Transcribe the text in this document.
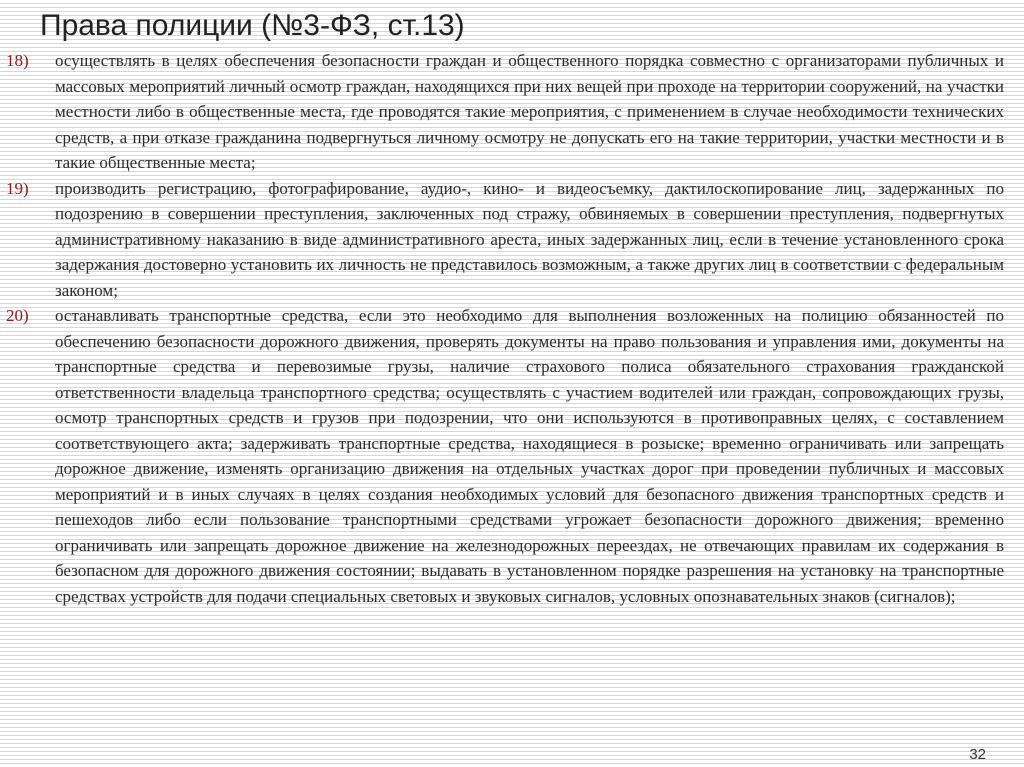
Права полиции (№3-ФЗ, ст.13)
18) осуществлять в целях обеспечения безопасности граждан и общественного порядка совместно с организаторами публичных и массовых мероприятий личный осмотр граждан, находящихся при них вещей при проходе на территории сооружений, на участки местности либо в общественные места, где проводятся такие мероприятия, с применением в случае необходимости технических средств, а при отказе гражданина подвергнуться личному осмотру не допускать его на такие территории, участки местности и в такие общественные места;
19) производить регистрацию, фотографирование, аудио-, кино- и видеосъемку, дактилоскопирование лиц, задержанных по подозрению в совершении преступления, заключенных под стражу, обвиняемых в совершении преступления, подвергнутых административному наказанию в виде административного ареста, иных задержанных лиц, если в течение установленного срока задержания достоверно установить их личность не представилось возможным, а также других лиц в соответствии с федеральным законом;
20) останавливать транспортные средства, если это необходимо для выполнения возложенных на полицию обязанностей по обеспечению безопасности дорожного движения, проверять документы на право пользования и управления ими, документы на транспортные средства и перевозимые грузы, наличие страхового полиса обязательного страхования гражданской ответственности владельца транспортного средства; осуществлять с участием водителей или граждан, сопровождающих грузы, осмотр транспортных средств и грузов при подозрении, что они используются в противоправных целях, с составлением соответствующего акта; задерживать транспортные средства, находящиеся в розыске; временно ограничивать или запрещать дорожное движение, изменять организацию движения на отдельных участках дорог при проведении публичных и массовых мероприятий и в иных случаях в целях создания необходимых условий для безопасного движения транспортных средств и пешеходов либо если пользование транспортными средствами угрожает безопасности дорожного движения; временно ограничивать или запрещать дорожное движение на железнодорожных переездах, не отвечающих правилам их содержания в безопасном для дорожного движения состоянии; выдавать в установленном порядке разрешения на установку на транспортные средствах устройств для подачи специальных световых и звуковых сигналов, условных опознавательных знаков (сигналов);
32
